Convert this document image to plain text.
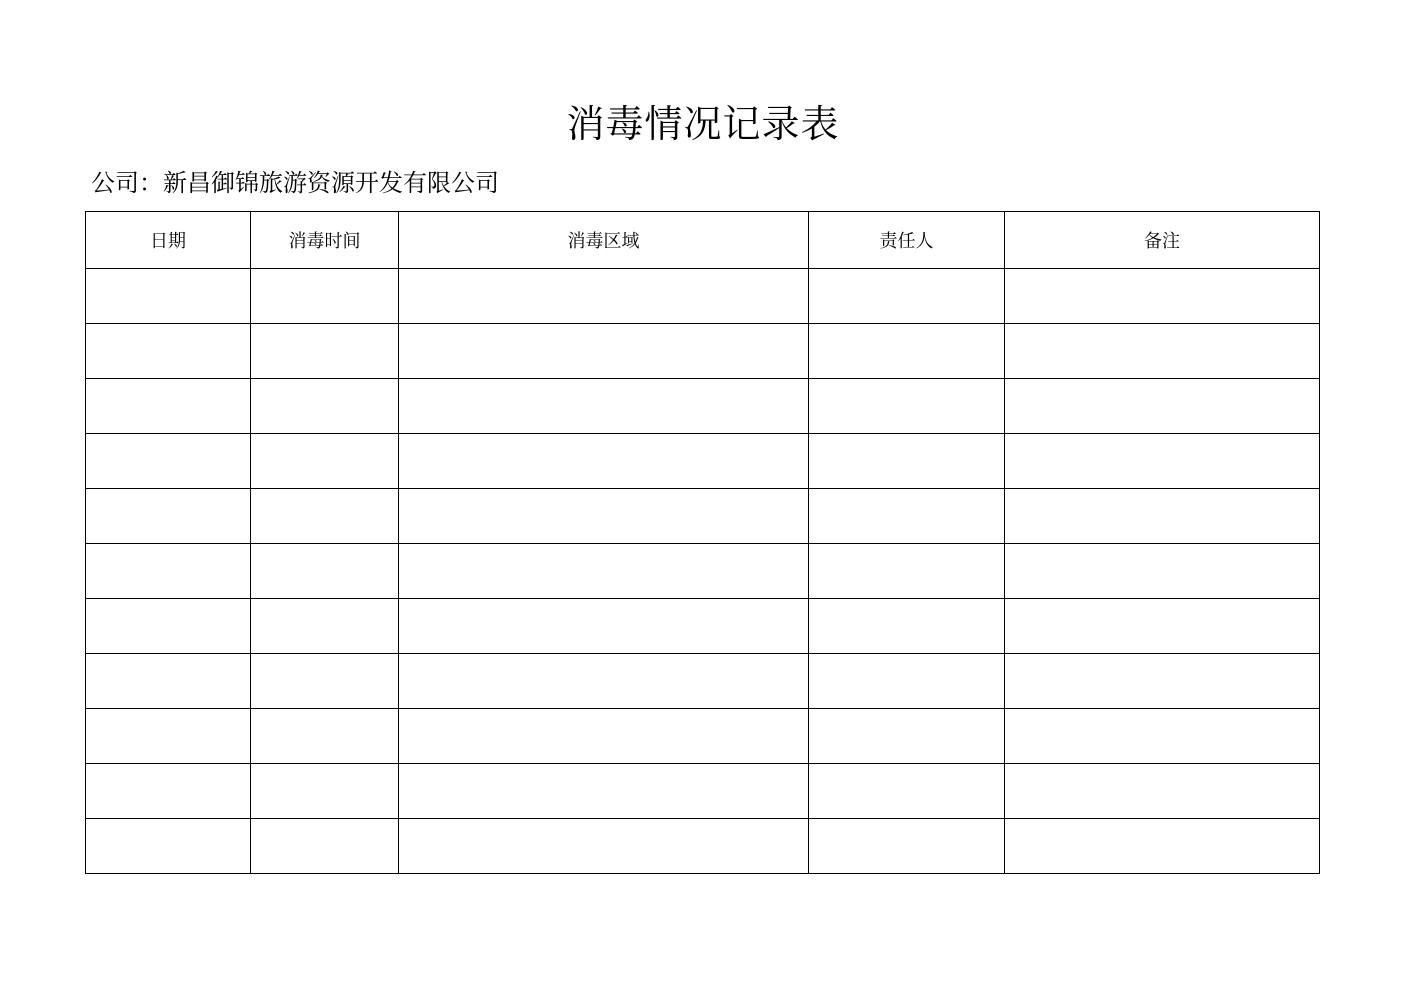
消毒情况记录表
公司：新昌御锦旅游资源开发有限公司
日期	消毒时间	消毒区域	责任人	备注
